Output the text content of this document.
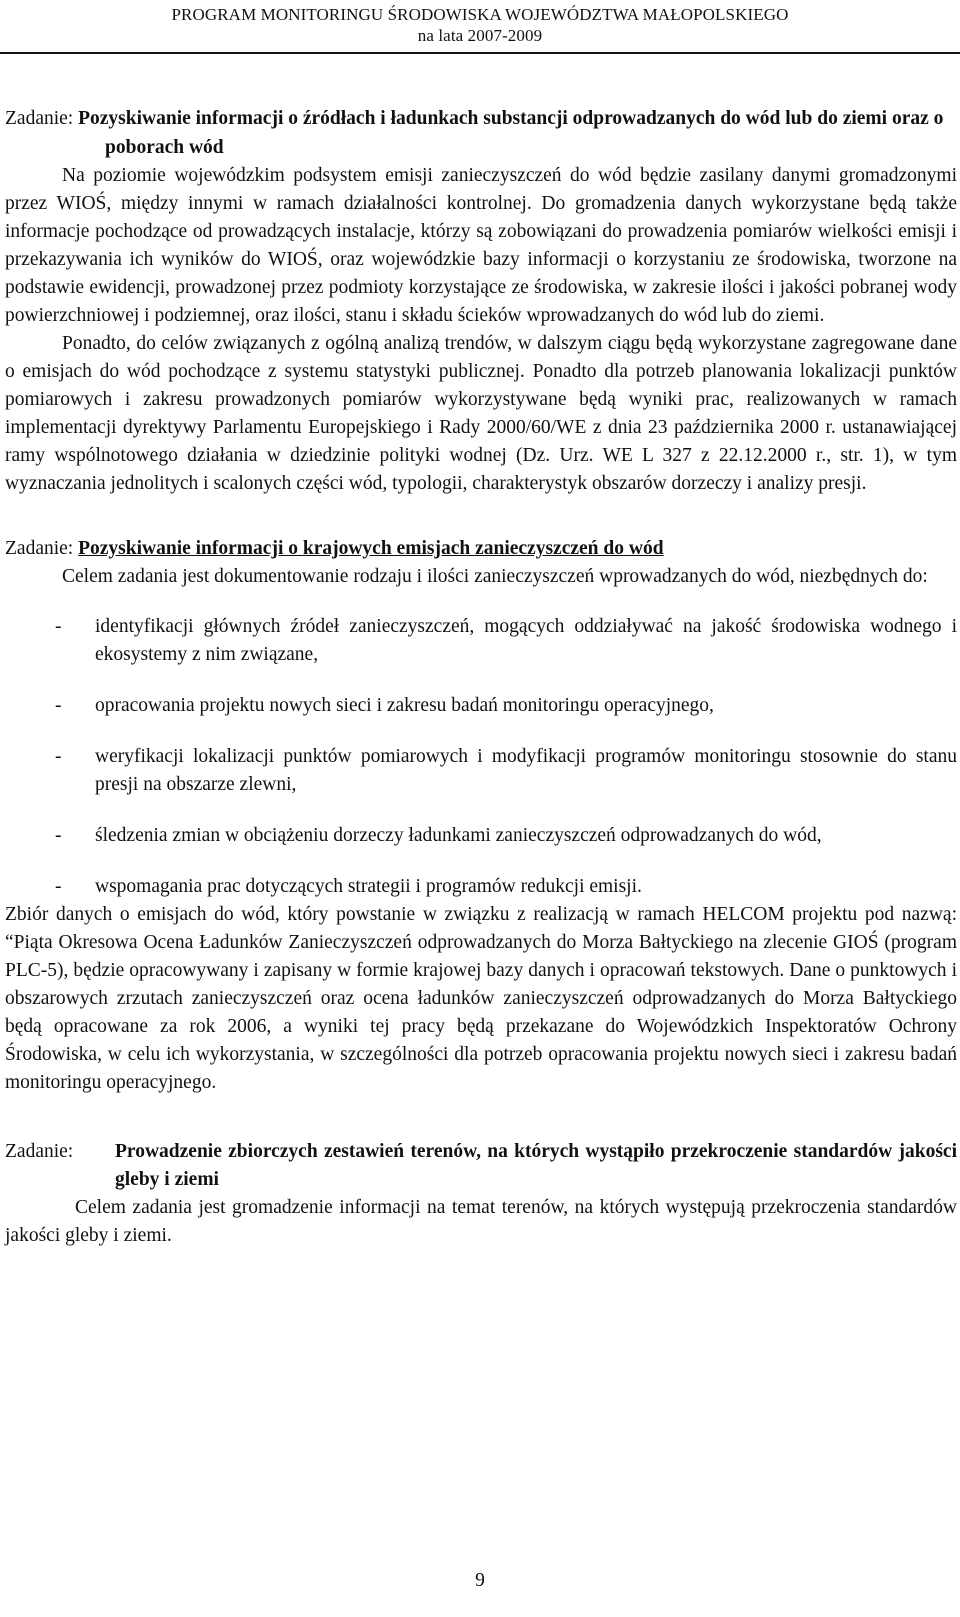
PROGRAM MONITORINGU ŚRODOWISKA WOJEWÓDZTWA MAŁOPOLSKIEGO
na lata 2007-2009

Zadanie: Pozyskiwanie informacji o źródłach i ładunkach substancji odprowadzanych do wód lub do ziemi oraz o poborach wód

Na poziomie wojewódzkim podsystem emisji zanieczyszczeń do wód będzie zasilany danymi gromadzonymi przez WIOŚ, między innymi w ramach działalności kontrolnej. Do gromadzenia danych wykorzystane będą także informacje pochodzące od prowadzących instalacje, którzy są zobowiązani do prowadzenia pomiarów wielkości emisji i przekazywania ich wyników do WIOŚ, oraz wojewódzkie bazy informacji o korzystaniu ze środowiska, tworzone na podstawie ewidencji, prowadzonej przez podmioty korzystające ze środowiska, w zakresie ilości i jakości pobranej wody powierzchniowej i podziemnej, oraz ilości, stanu i składu ścieków wprowadzanych do wód lub do ziemi.

Ponadto, do celów związanych z ogólną analizą trendów, w dalszym ciągu będą wykorzystane zagregowane dane o emisjach do wód pochodzące z systemu statystyki publicznej. Ponadto dla potrzeb planowania lokalizacji punktów pomiarowych i zakresu prowadzonych pomiarów wykorzystywane będą wyniki prac, realizowanych w ramach implementacji dyrektywy Parlamentu Europejskiego i Rady 2000/60/WE z dnia 23 października 2000 r. ustanawiającej ramy wspólnotowego działania w dziedzinie polityki wodnej (Dz. Urz. WE L 327 z 22.12.2000 r., str. 1), w tym wyznaczania jednolitych i scalonych części wód, typologii, charakterystyk obszarów dorzeczy i analizy presji.

Zadanie: Pozyskiwanie informacji o krajowych emisjach zanieczyszczeń do wód

Celem zadania jest dokumentowanie rodzaju i ilości zanieczyszczeń wprowadzanych do wód, niezbędnych do:

- identyfikacji głównych źródeł zanieczyszczeń, mogących oddziaływać na jakość środowiska wodnego i ekosystemy z nim związane,
- opracowania projektu nowych sieci i zakresu badań monitoringu operacyjnego,
- weryfikacji lokalizacji punktów pomiarowych i modyfikacji programów monitoringu stosownie do stanu presji na obszarze zlewni,
- śledzenia zmian w obciążeniu dorzeczy ładunkami zanieczyszczeń odprowadzanych do wód,
- wspomagania prac dotyczących strategii i programów redukcji emisji.

Zbiór danych o emisjach do wód, który powstanie w związku z realizacją w ramach HELCOM projektu pod nazwą: “Piąta Okresowa Ocena Ładunków Zanieczyszczeń odprowadzanych do Morza Bałtyckiego na zlecenie GIOŚ (program PLC-5), będzie opracowywany i zapisany w formie krajowej bazy danych i opracowań tekstowych. Dane o punktowych i obszarowych zrzutach zanieczyszczeń oraz ocena ładunków zanieczyszczeń odprowadzanych do Morza Bałtyckiego będą opracowane za rok 2006, a wyniki tej pracy będą przekazane do Wojewódzkich Inspektoratów Ochrony Środowiska, w celu ich wykorzystania, w szczególności dla potrzeb opracowania projektu nowych sieci i zakresu badań monitoringu operacyjnego.

Zadanie:	Prowadzenie zbiorczych zestawień terenów, na których wystąpiło przekroczenie standardów jakości gleby i ziemi

Celem zadania jest gromadzenie informacji na temat terenów, na których występują przekroczenia standardów jakości gleby i ziemi.

9
